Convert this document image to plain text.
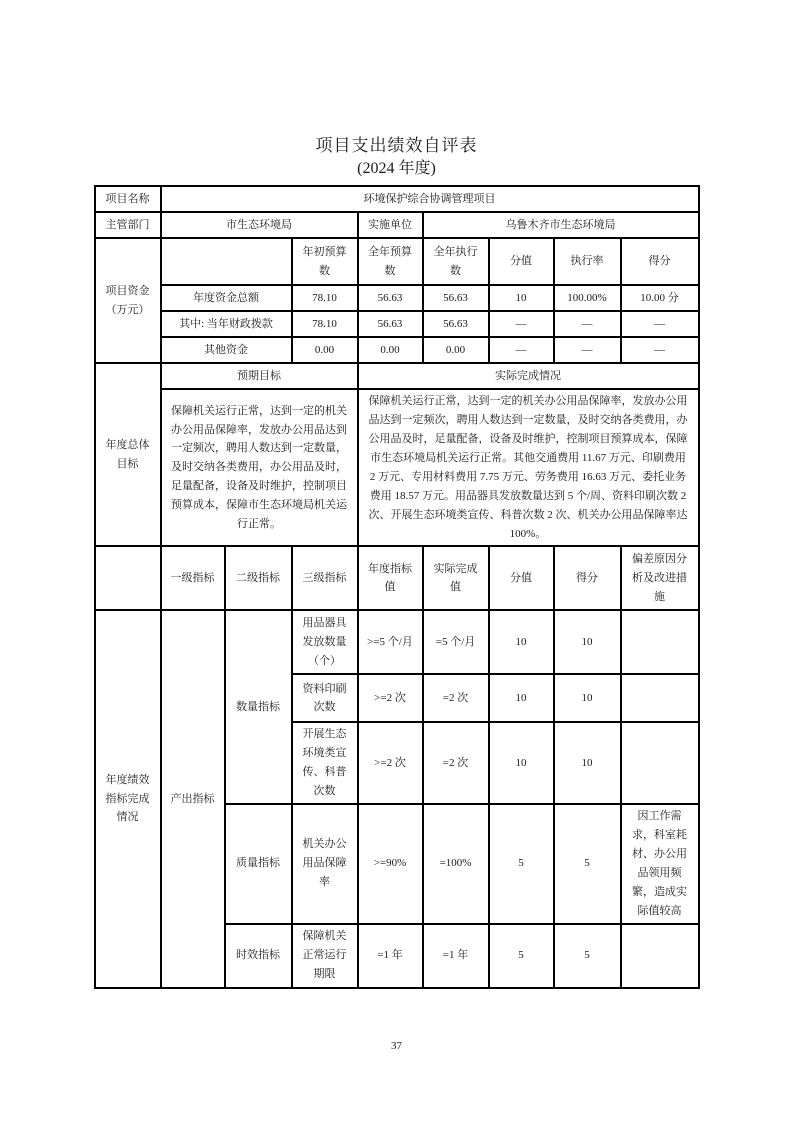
项目支出绩效自评表
(2024 年度)
项目名称	环境保护综合协调管理项目							
主管部门	市生态环境局			实施单位	乌鲁木齐市生态环境局			
项目资金（万元）			年初预算数	全年预算数	全年执行数	分值	执行率	得分
	年度资金总额		78.10	56.63	56.63	10	100.00%	10.00 分
	其中: 当年财政拨款		78.10	56.63	56.63	—	—	—
	其他资金		0.00	0.00	0.00	—	—	—
年度总体目标	预期目标			实际完成情况				
	保障机关运行正常，达到一定的机关办公用品保障率，发放办公用品达到一定频次，聘用人数达到一定数量，及时交纳各类费用，办公用品及时，足量配备，设备及时维护，控制项目预算成本，保障市生态环境局机关运行正常。			保障机关运行正常，达到一定的机关办公用品保障率，发放办公用品达到一定频次，聘用人数达到一定数量，及时交纳各类费用，办公用品及时，足量配备，设备及时维护，控制项目预算成本，保障市生态环境局机关运行正常。其他交通费用 11.67 万元、印刷费用 2 万元、专用材料费用 7.75 万元、劳务费用 16.63 万元、委托业务费用 18.57 万元。用品器具发放数量达到 5 个/周、资料印刷次数 2 次、开展生态环境类宣传、科普次数 2 次、机关办公用品保障率达 100%。				
	一级指标	二级指标	三级指标	年度指标值	实际完成值	分值	得分	偏差原因分析及改进措施
年度绩效指标完成情况	产出指标	数量指标	用品器具发放数量（个）	>=5 个/月	=5 个/月	10	10	
			资料印刷次数	>=2 次	=2 次	10	10	
			开展生态环境类宣传、科普次数	>=2 次	=2 次	10	10	
		质量指标	机关办公用品保障率	>=90%	=100%	5	5	因工作需求，科室耗材、办公用品领用频繁，造成实际值较高
		时效指标	保障机关正常运行期限	=1 年	=1 年	5	5	
37
